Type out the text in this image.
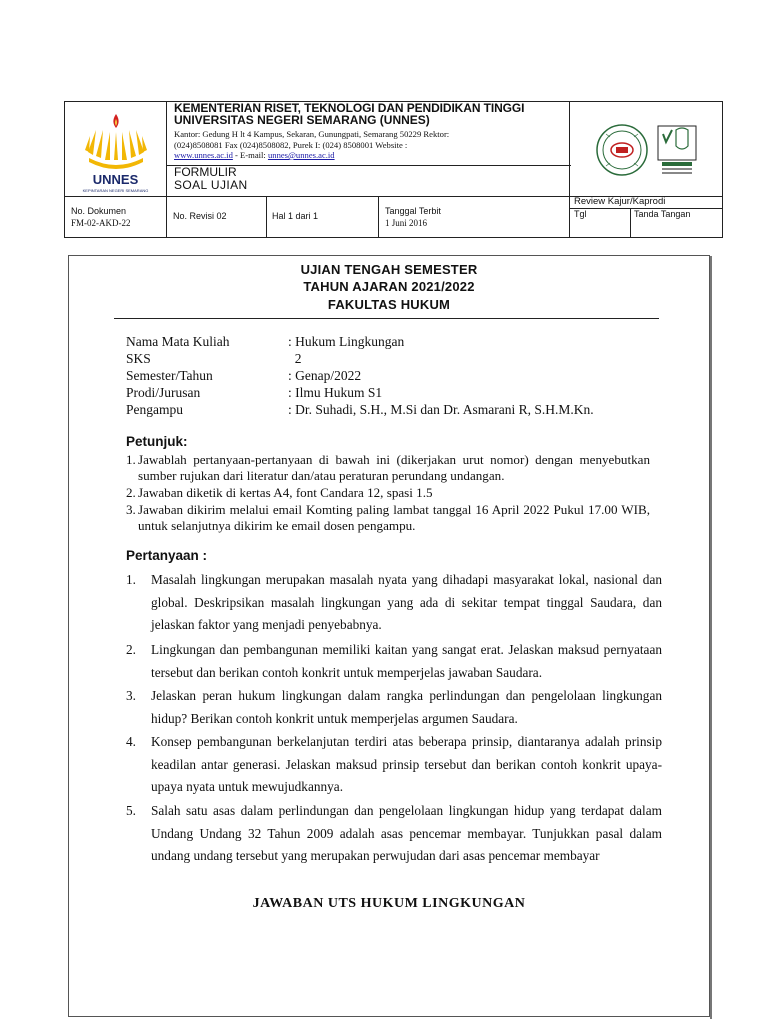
UNNES
KEPINTARAN NEGERI SEMARANG
KEMENTERIAN RISET, TEKNOLOGI DAN PENDIDIKAN TINGGI
UNIVERSITAS NEGERI SEMARANG (UNNES)
Kantor: Gedung H lt 4 Kampus, Sekaran, Gunungpati, Semarang 50229 Rektor:
(024)8508081 Fax (024)8508082, Purek I: (024) 8508001 Website :
www.unnes.ac.id - E-mail: unnes@unnes.ac.id
FORMULIR
SOAL UJIAN
No. Dokumen
FM-02-AKD-22
No. Revisi 02	Hal 1 dari 1	Tanggal Terbit
1 Juni 2016
Review Kajur/Kaprodi
Tgl	Tanda Tangan
UJIAN TENGAH SEMESTER
TAHUN AJARAN 2021/2022
FAKULTAS HUKUM
Nama Mata Kuliah	: Hukum Lingkungan
SKS	2
Semester/Tahun	: Genap/2022
Prodi/Jurusan	: Ilmu Hukum S1
Pengampu	: Dr. Suhadi, S.H., M.Si dan Dr. Asmarani R, S.H.M.Kn.
Petunjuk:
1. Jawablah pertanyaan-pertanyaan di bawah ini (dikerjakan urut nomor) dengan menyebutkan sumber rujukan dari literatur dan/atau peraturan perundang undangan.
2. Jawaban diketik di kertas A4, font Candara 12, spasi 1.5
3. Jawaban dikirim melalui email Komting paling lambat tanggal 16 April 2022 Pukul 17.00 WIB, untuk selanjutnya dikirim ke email dosen pengampu.
Pertanyaan :
1. Masalah lingkungan merupakan masalah nyata yang dihadapi masyarakat lokal, nasional dan global. Deskripsikan masalah lingkungan yang ada di sekitar tempat tinggal Saudara, dan jelaskan faktor yang menjadi penyebabnya.
2. Lingkungan dan pembangunan memiliki kaitan yang sangat erat. Jelaskan maksud pernyataan tersebut dan berikan contoh konkrit untuk memperjelas jawaban Saudara.
3. Jelaskan peran hukum lingkungan dalam rangka perlindungan dan pengelolaan lingkungan hidup? Berikan contoh konkrit untuk memperjelas argumen Saudara.
4. Konsep pembangunan berkelanjutan terdiri atas beberapa prinsip, diantaranya adalah prinsip keadilan antar generasi. Jelaskan maksud prinsip tersebut dan berikan contoh konkrit upaya-upaya nyata untuk mewujudkannya.
5. Salah satu asas dalam perlindungan dan pengelolaan lingkungan hidup yang terdapat dalam Undang Undang 32 Tahun 2009 adalah asas pencemar membayar. Tunjukkan pasal dalam undang undang tersebut yang merupakan perwujudan dari asas pencemar membayar
JAWABAN UTS HUKUM LINGKUNGAN
